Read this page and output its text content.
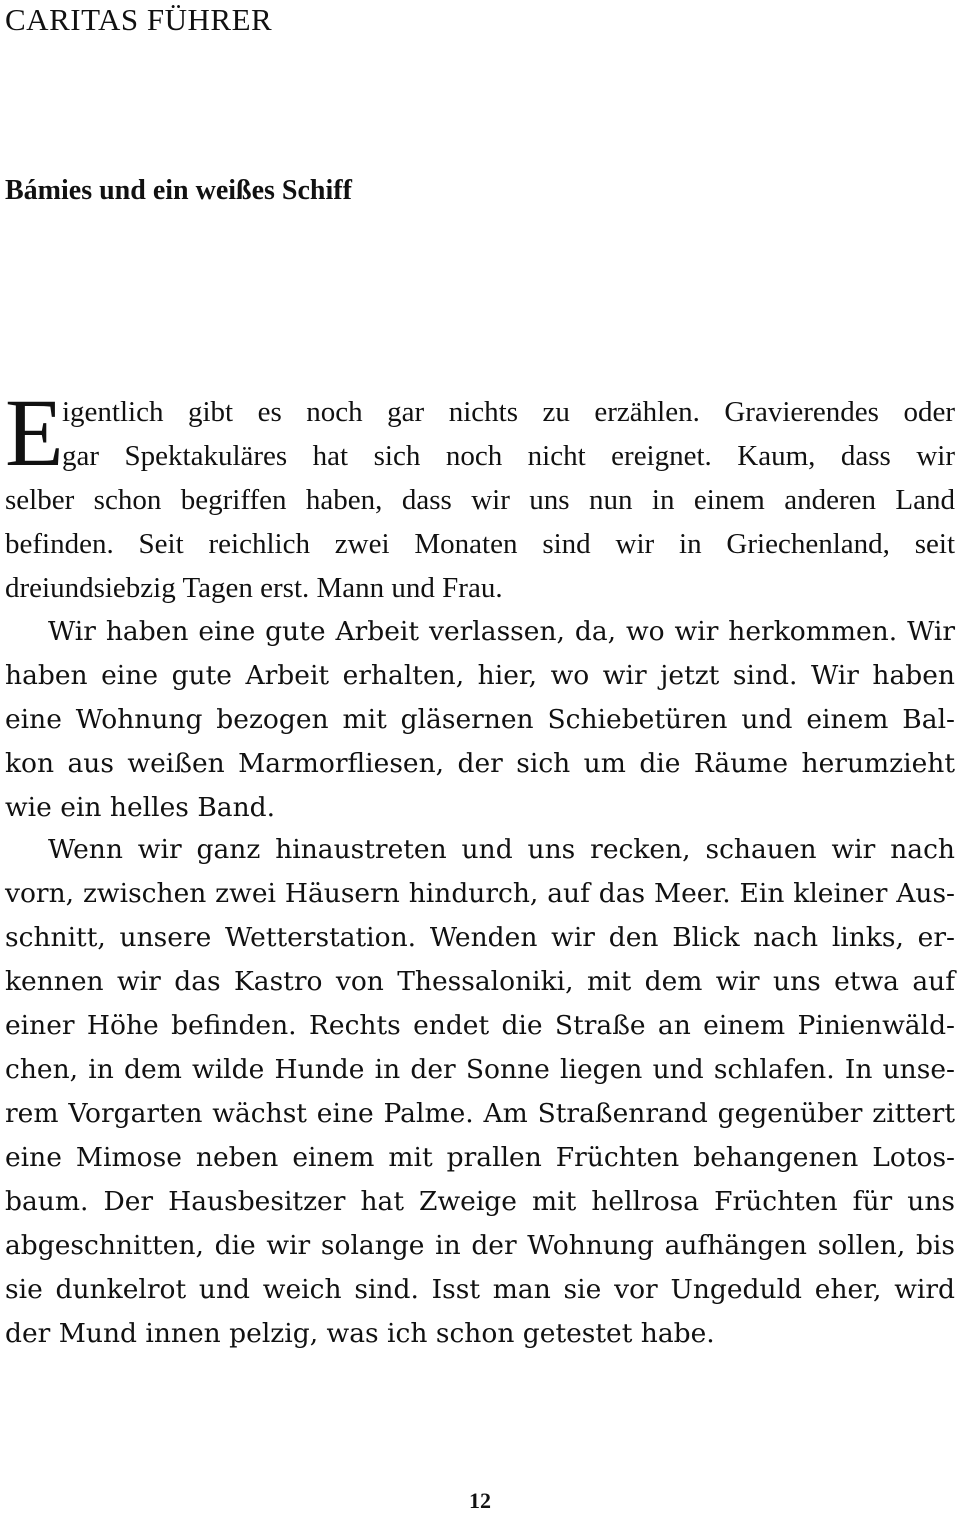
CARITAS FÜHRER
Bámies und ein weißes Schiff
E
igentlich gibt es noch gar nichts zu erzählen. Gravierendes oder
gar Spektakuläres hat sich noch nicht ereignet. Kaum, dass wir
selber schon begriffen haben, dass wir uns nun in einem anderen Land
befinden. Seit reichlich zwei Monaten sind wir in Griechenland, seit
dreiundsiebzig Tagen erst. Mann und Frau.
Wir haben eine gute Arbeit verlassen, da, wo wir herkommen. Wir
haben eine gute Arbeit erhalten, hier, wo wir jetzt sind. Wir haben
eine Wohnung bezogen mit gläsernen Schiebetüren und einem Bal-
kon aus weißen Marmorfliesen, der sich um die Räume herumzieht
wie ein helles Band.
Wenn wir ganz hinaustreten und uns recken, schauen wir nach
vorn, zwischen zwei Häusern hindurch, auf das Meer. Ein kleiner Aus-
schnitt, unsere Wetterstation. Wenden wir den Blick nach links, er-
kennen wir das Kastro von Thessaloniki, mit dem wir uns etwa auf
einer Höhe befinden. Rechts endet die Straße an einem Pinienwäld-
chen, in dem wilde Hunde in der Sonne liegen und schlafen. In unse-
rem Vorgarten wächst eine Palme. Am Straßenrand gegenüber zittert
eine Mimose neben einem mit prallen Früchten behangenen Lotos-
baum. Der Hausbesitzer hat Zweige mit hellrosa Früchten für uns
abgeschnitten, die wir solange in der Wohnung aufhängen sollen, bis
sie dunkelrot und weich sind. Isst man sie vor Ungeduld eher, wird
der Mund innen pelzig, was ich schon getestet habe.
12
